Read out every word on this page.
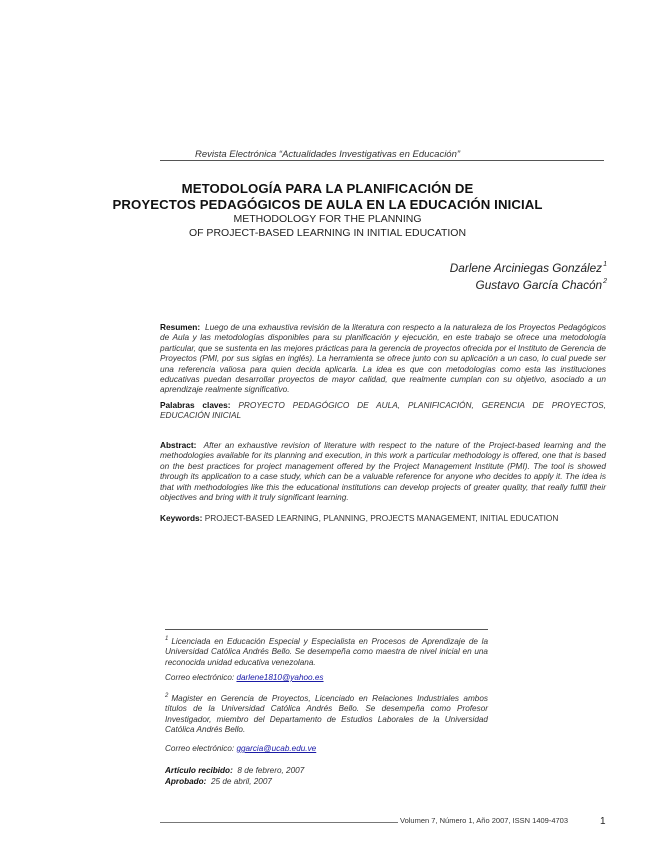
Revista Electrónica “Actualidades Investigativas en Educación”
METODOLOGÍA PARA LA PLANIFICACIÓN DE
PROYECTOS PEDAGÓGICOS DE AULA EN LA EDUCACIÓN INICIAL
METHODOLOGY FOR THE PLANNING
OF PROJECT-BASED LEARNING IN INITIAL EDUCATION
Darlene Arciniegas González$^1$
Gustavo García Chacón$^2$
Resumen: Luego de una exhaustiva revisión de la literatura con respecto a la naturaleza de los Proyectos Pedagógicos de Aula y las metodologías disponibles para su planificación y ejecución, en este trabajo se ofrece una metodología particular, que se sustenta en las mejores prácticas para la gerencia de proyectos ofrecida por el Instituto de Gerencia de Proyectos (PMI, por sus siglas en inglés). La herramienta se ofrece junto con su aplicación a un caso, lo cual puede ser una referencia valiosa para quien decida aplicarla. La idea es que con metodologías como esta las instituciones educativas puedan desarrollar proyectos de mayor calidad, que realmente cumplan con su objetivo, asociado a un aprendizaje realmente significativo.
Palabras claves: PROYECTO PEDAGÓGICO DE AULA, PLANIFICACIÓN, GERENCIA DE PROYECTOS, EDUCACIÓN INICIAL
Abstract: After an exhaustive revision of literature with respect to the nature of the Project-based learning and the methodologies available for its planning and execution, in this work a particular methodology is offered, one that is based on the best practices for project management offered by the Project Management Institute (PMI). The tool is showed through its application to a case study, which can be a valuable reference for anyone who decides to apply it. The idea is that with methodologies like this the educational institutions can develop projects of greater quality, that really fulfill their objectives and bring with it truly significant learning.
Keywords: PROJECT-BASED LEARNING, PLANNING, PROJECTS MANAGEMENT, INITIAL EDUCATION
$^1$ Licenciada en Educación Especial y Especialista en Procesos de Aprendizaje de la Universidad Católica Andrés Bello. Se desempeña como maestra de nivel inicial en una reconocida unidad educativa venezolana.
Correo electrónico: darlene1810@yahoo.es
$^2$ Magister en Gerencia de Proyectos, Licenciado en Relaciones Industriales ambos títulos de la Universidad Católica Andrés Bello. Se desempeña como Profesor Investigador, miembro del Departamento de Estudios Laborales de la Universidad Católica Andrés Bello.
Correo electrónico: ggarcia@ucab.edu.ve
Artículo recibido: 8 de febrero, 2007
Aprobado: 25 de abril, 2007
Volumen 7, Número 1, Año 2007, ISSN 1409-4703	1
